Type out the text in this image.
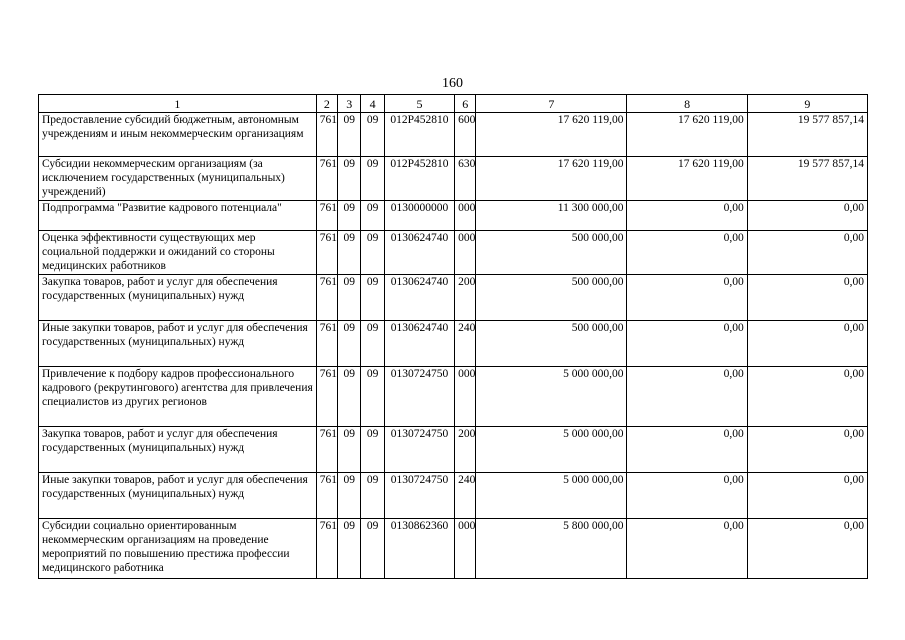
160
1	2	3	4	5	6	7	8	9
Предоставление субсидий бюджетным, автономным учреждениям и иным некоммерческим организациям	761	09	09	012Р452810	600	17 620 119,00	17 620 119,00	19 577 857,14
Субсидии некоммерческим организациям (за исключением государственных (муниципальных) учреждений)	761	09	09	012Р452810	630	17 620 119,00	17 620 119,00	19 577 857,14
Подпрограмма "Развитие кадрового потенциала"	761	09	09	0130000000	000	11 300 000,00	0,00	0,00
Оценка эффективности существующих мер социальной поддержки и ожиданий со стороны медицинских работников	761	09	09	0130624740	000	500 000,00	0,00	0,00
Закупка товаров, работ и услуг для обеспечения государственных (муниципальных) нужд	761	09	09	0130624740	200	500 000,00	0,00	0,00
Иные закупки товаров, работ и услуг для обеспечения государственных (муниципальных) нужд	761	09	09	0130624740	240	500 000,00	0,00	0,00
Привлечение к подбору кадров профессионального кадрового (рекрутингового) агентства для привлечения специалистов из других регионов	761	09	09	0130724750	000	5 000 000,00	0,00	0,00
Закупка товаров, работ и услуг для обеспечения государственных (муниципальных) нужд	761	09	09	0130724750	200	5 000 000,00	0,00	0,00
Иные закупки товаров, работ и услуг для обеспечения государственных (муниципальных) нужд	761	09	09	0130724750	240	5 000 000,00	0,00	0,00
Субсидии социально ориентированным некоммерческим организациям на проведение мероприятий по повышению престижа профессии медицинского работника	761	09	09	0130862360	000	5 800 000,00	0,00	0,00
